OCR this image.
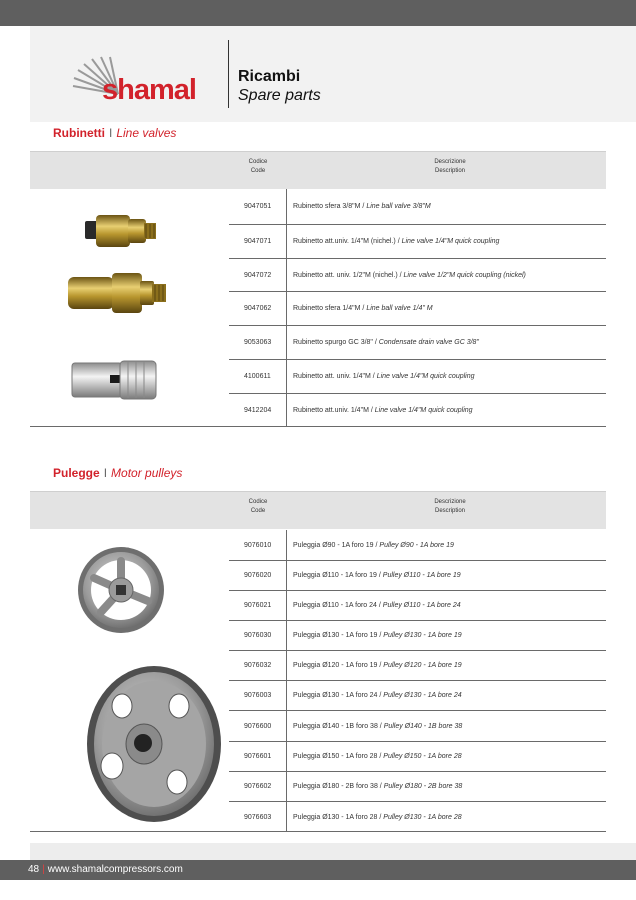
shamal	Ricambi
Spare parts
Rubinetti I Line valves
Codice
Code
Descrizione
Description
9047051	Rubinetto sfera 3/8"M / Line ball valve 3/8"M
9047071	Rubinetto att.univ. 1/4"M (nichel.) / Line valve 1/4"M quick coupling
9047072	Rubinetto att. univ. 1/2"M (nichel.) / Line valve 1/2"M quick coupling (nickel)
9047062	Rubinetto sfera 1/4"M / Line ball valve 1/4" M
9053063	Rubinetto spurgo GC 3/8" / Condensate drain valve GC 3/8"
4100611	Rubinetto att. univ. 1/4"M / Line valve 1/4"M quick coupling
9412204	Rubinetto att.univ. 1/4"M / Line valve 1/4"M quick coupling
Pulegge I Motor pulleys
Codice
Code
Descrizione
Description
9076010	Puleggia Ø90 - 1A foro 19 / Pulley Ø90 - 1A bore 19
9076020	Puleggia Ø110 - 1A foro 19 / Pulley Ø110 - 1A bore 19
9076021	Puleggia Ø110 - 1A foro 24 / Pulley Ø110 - 1A bore 24
9076030	Puleggia Ø130 - 1A foro 19 / Pulley Ø130 - 1A bore 19
9076032	Puleggia Ø120 - 1A foro 19 / Pulley Ø120 - 1A bore 19
9076003	Puleggia Ø130 - 1A foro 24 / Pulley Ø130 - 1A bore 24
9076600	Puleggia Ø140 - 1B foro 38 / Pulley Ø140 - 1B bore 38
9076601	Puleggia Ø150 - 1A foro 28 / Pulley Ø150 - 1A bore 28
9076602	Puleggia Ø180 - 2B foro 38 / Pulley Ø180 - 2B bore 38
9076603	Puleggia Ø130 - 1A foro 28 / Pulley Ø130 - 1A bore 28
48 | www.shamalcompressors.com
